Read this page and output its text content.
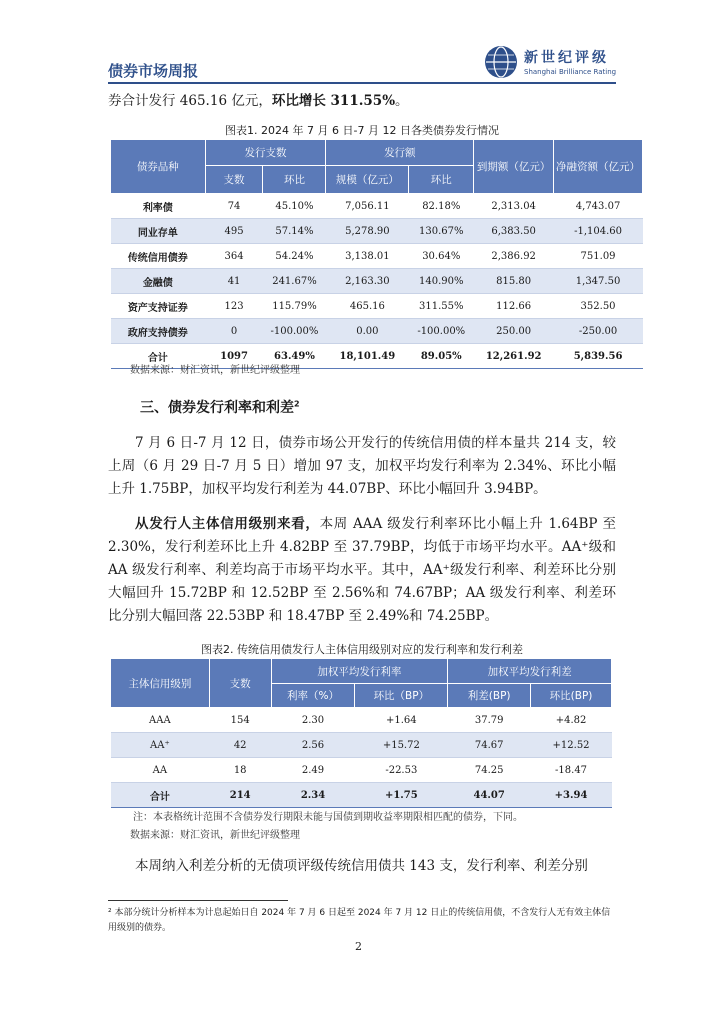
债券市场周报
新世纪评级
Shanghai Brilliance Rating
券合计发行 465.16 亿元，环比增长 311.55%。
图表1. 2024 年 7 月 6 日-7 月 12 日各类债券发行情况
债券品种	发行支数		发行额		到期额（亿元）	净融资额（亿元）
	支数	环比	规模（亿元）	环比		
利率债	74	45.10%	7,056.11	82.18%	2,313.04	4,743.07
同业存单	495	57.14%	5,278.90	130.67%	6,383.50	-1,104.60
传统信用债券	364	54.24%	3,138.01	30.64%	2,386.92	751.09
金融债	41	241.67%	2,163.30	140.90%	815.80	1,347.50
资产支持证券	123	115.79%	465.16	311.55%	112.66	352.50
政府支持债券	0	-100.00%	0.00	-100.00%	250.00	-250.00
合计	1097	63.49%	18,101.49	89.05%	12,261.92	5,839.56
数据来源：财汇资讯，新世纪评级整理
三、债券发行利率和利差$^2$
7 月 6 日-7 月 12 日，债券市场公开发行的传统信用债的样本量共 214 支，较上周（6 月 29 日-7 月 5 日）增加 97 支，加权平均发行利率为 2.34%、环比小幅上升 1.75BP，加权平均发行利差为 44.07BP、环比小幅回升 3.94BP。
从发行人主体信用级别来看，本周 AAA 级发行利率环比小幅上升 1.64BP 至 2.30%，发行利差环比上升 4.82BP 至 37.79BP，均低于市场平均水平。AA⁺级和 AA 级发行利率、利差均高于市场平均水平。其中，AA⁺级发行利率、利差环比分别大幅回升 15.72BP 和 12.52BP 至 2.56%和 74.67BP；AA 级发行利率、利差环比分别大幅回落 22.53BP 和 18.47BP 至 2.49%和 74.25BP。
图表2. 传统信用债发行人主体信用级别对应的发行利率和发行利差
主体信用级别	支数	加权平均发行利率		加权平均发行利差	
		利率（%）	环比（BP）	利差(BP)	环比(BP)
AAA	154	2.30	+1.64	37.79	+4.82
AA⁺	42	2.56	+15.72	74.67	+12.52
AA	18	2.49	-22.53	74.25	-18.47
合计	214	2.34	+1.75	44.07	+3.94
注：本表格统计范围不含债券发行期限未能与国债到期收益率期限相匹配的债券，下同。
数据来源：财汇资讯，新世纪评级整理
本周纳入利差分析的无债项评级传统信用债共 143 支，发行利率、利差分别
² 本部分统计分析样本为计息起始日自 2024 年 7 月 6 日起至 2024 年 7 月 12 日止的传统信用债，不含发行人无有效主体信用级别的债券。
2
